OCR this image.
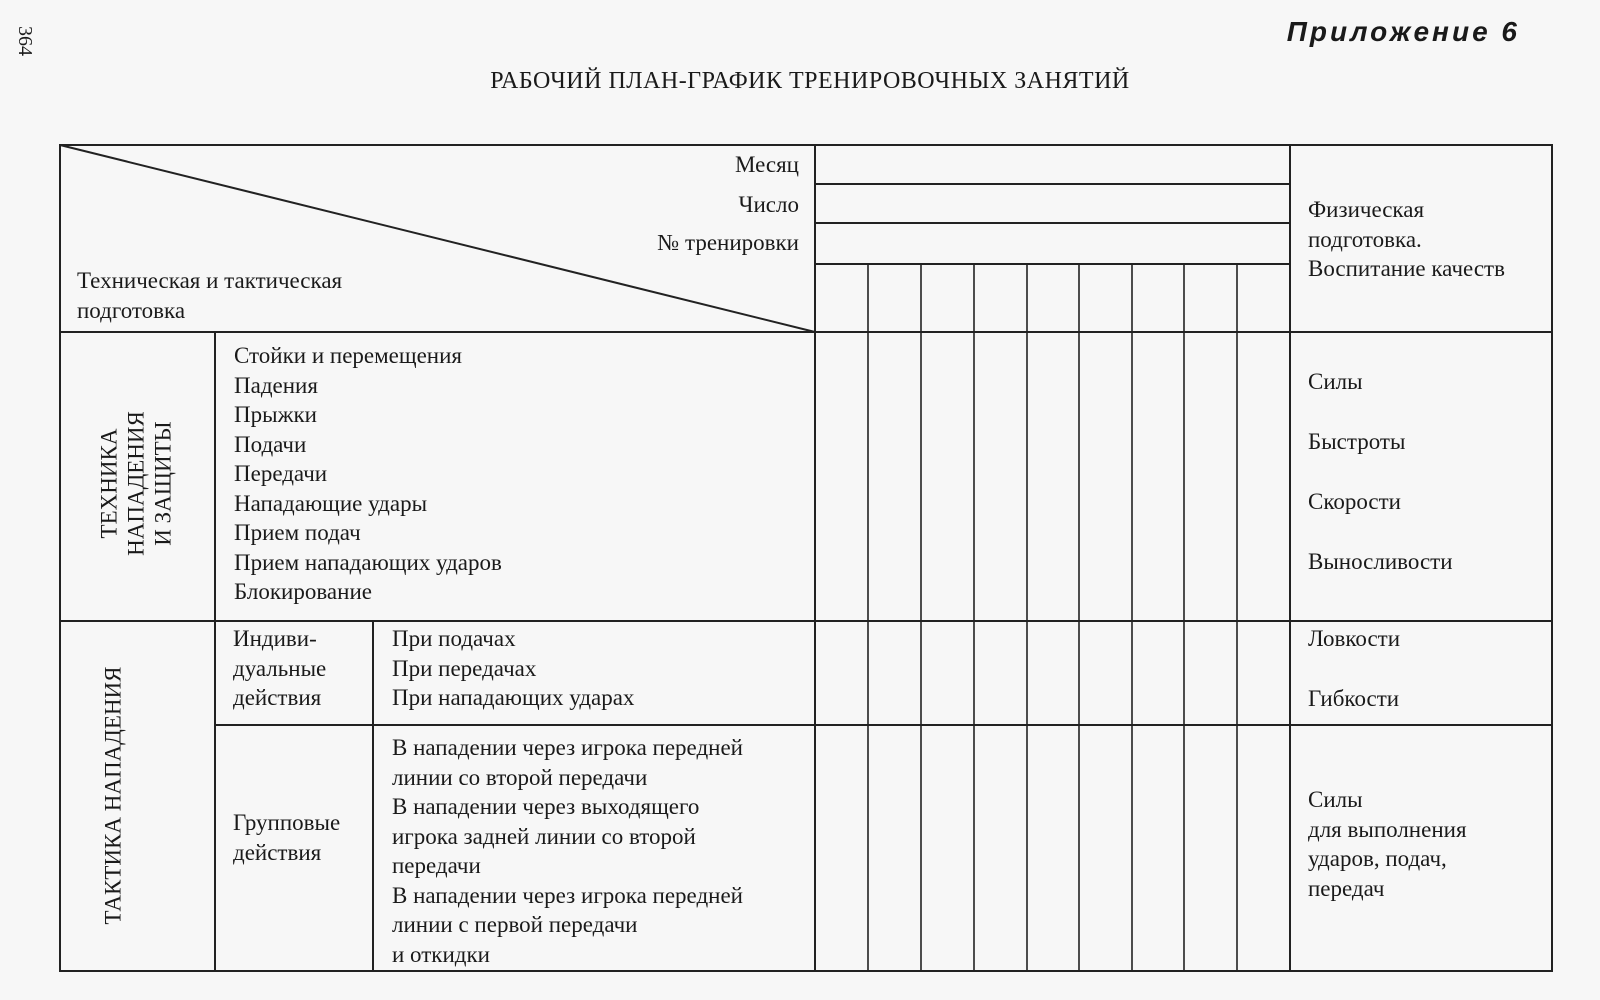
364	Приложение 6
РАБОЧИЙ ПЛАН-ГРАФИК ТРЕНИРОВОЧНЫХ ЗАНЯТИЙ
Месяц
Число
№ тренировки
Техническая и тактическая подготовка
Физическая
подготовка.
Воспитание качеств
ТЕХНИКА НАПАДЕНИЯ И ЗАЩИТЫ
Стойки и перемещения
Падения
Прыжки
Подачи
Передачи
Нападающие удары
Прием подач
Прием нападающих ударов
Блокирование
Силы
Быстроты
Скорости
Выносливости
ТАКТИКА НАПАДЕНИЯ
Индиви-
дуальные
действия
При подачах
При передачах
При нападающих ударах
Ловкости
Гибкости
Групповые
действия
В нападении через игрока передней
линии со второй передачи
В нападении через выходящего
игрока задней линии со второй
передачи
В нападении через игрока передней
линии с первой передачи
и откидки
Силы
для выполнения
ударов, подач,
передач
